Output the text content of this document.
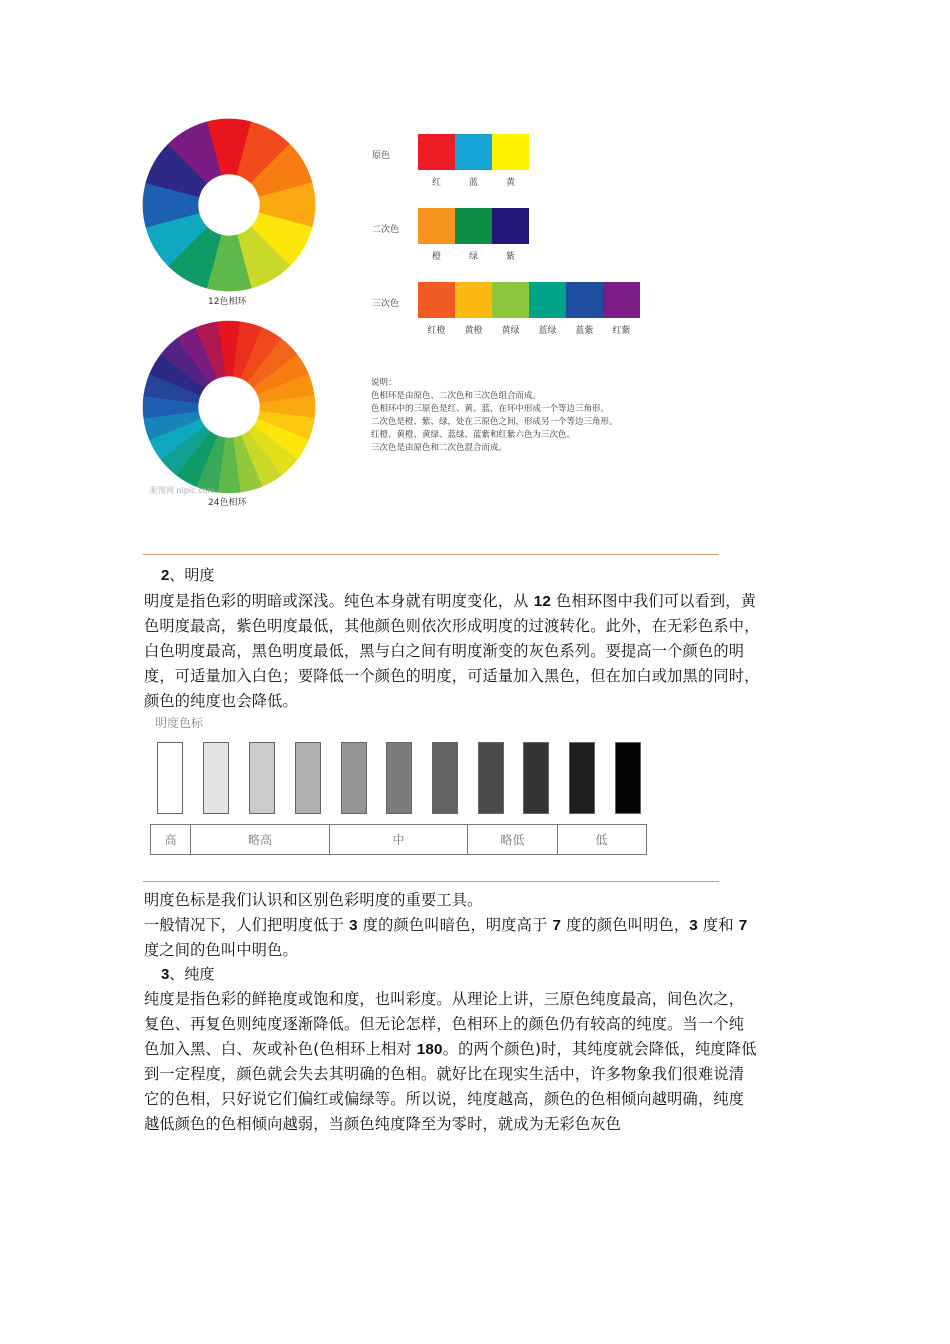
12色相环
昵图网 nipic.com
24色相环
原色
红	蓝	黄
二次色
橙	绿	紫
三次色
红橙	黄橙	黄绿	蓝绿	蓝紫	红紫
说明：
色相环是由原色、二次色和三次色组合而成。
色相环中的三原色是红、黄、蓝，在环中形成一个等边三角形。
二次色是橙、紫、绿，处在三原色之间，形成另一个等边三角形。
红橙、黄橙、黄绿、蓝绿、蓝紫和红紫六色为三次色。
三次色是由原色和二次色混合而成。
2、明度
明度是指色彩的明暗或深浅。纯色本身就有明度变化，从 12 色相环图中我们可以看到，黄
色明度最高，紫色明度最低，其他颜色则依次形成明度的过渡转化。此外，在无彩色系中，
白色明度最高，黑色明度最低，黑与白之间有明度渐变的灰色系列。要提高一个颜色的明
度，可适量加入白色；要降低一个颜色的明度，可适量加入黑色，但在加白或加黑的同时，
颜色的纯度也会降低。
明度色标
高	略高	中	略低	低
明度色标是我们认识和区别色彩明度的重要工具。
一般情况下，人们把明度低于 3 度的颜色叫暗色，明度高于 7 度的颜色叫明色，3 度和 7
度之间的色叫中明色。
3、纯度
纯度是指色彩的鲜艳度或饱和度，也叫彩度。从理论上讲，三原色纯度最高，间色次之，
复色、再复色则纯度逐渐降低。但无论怎样，色相环上的颜色仍有较高的纯度。当一个纯
色加入黑、白、灰或补色(色相环上相对 180。的两个颜色)时，其纯度就会降低，纯度降低
到一定程度，颜色就会失去其明确的色相。就好比在现实生活中，许多物象我们很难说清
它的色相，只好说它们偏红或偏绿等。所以说，纯度越高，颜色的色相倾向越明确，纯度
越低颜色的色相倾向越弱，当颜色纯度降至为零时，就成为无彩色灰色
